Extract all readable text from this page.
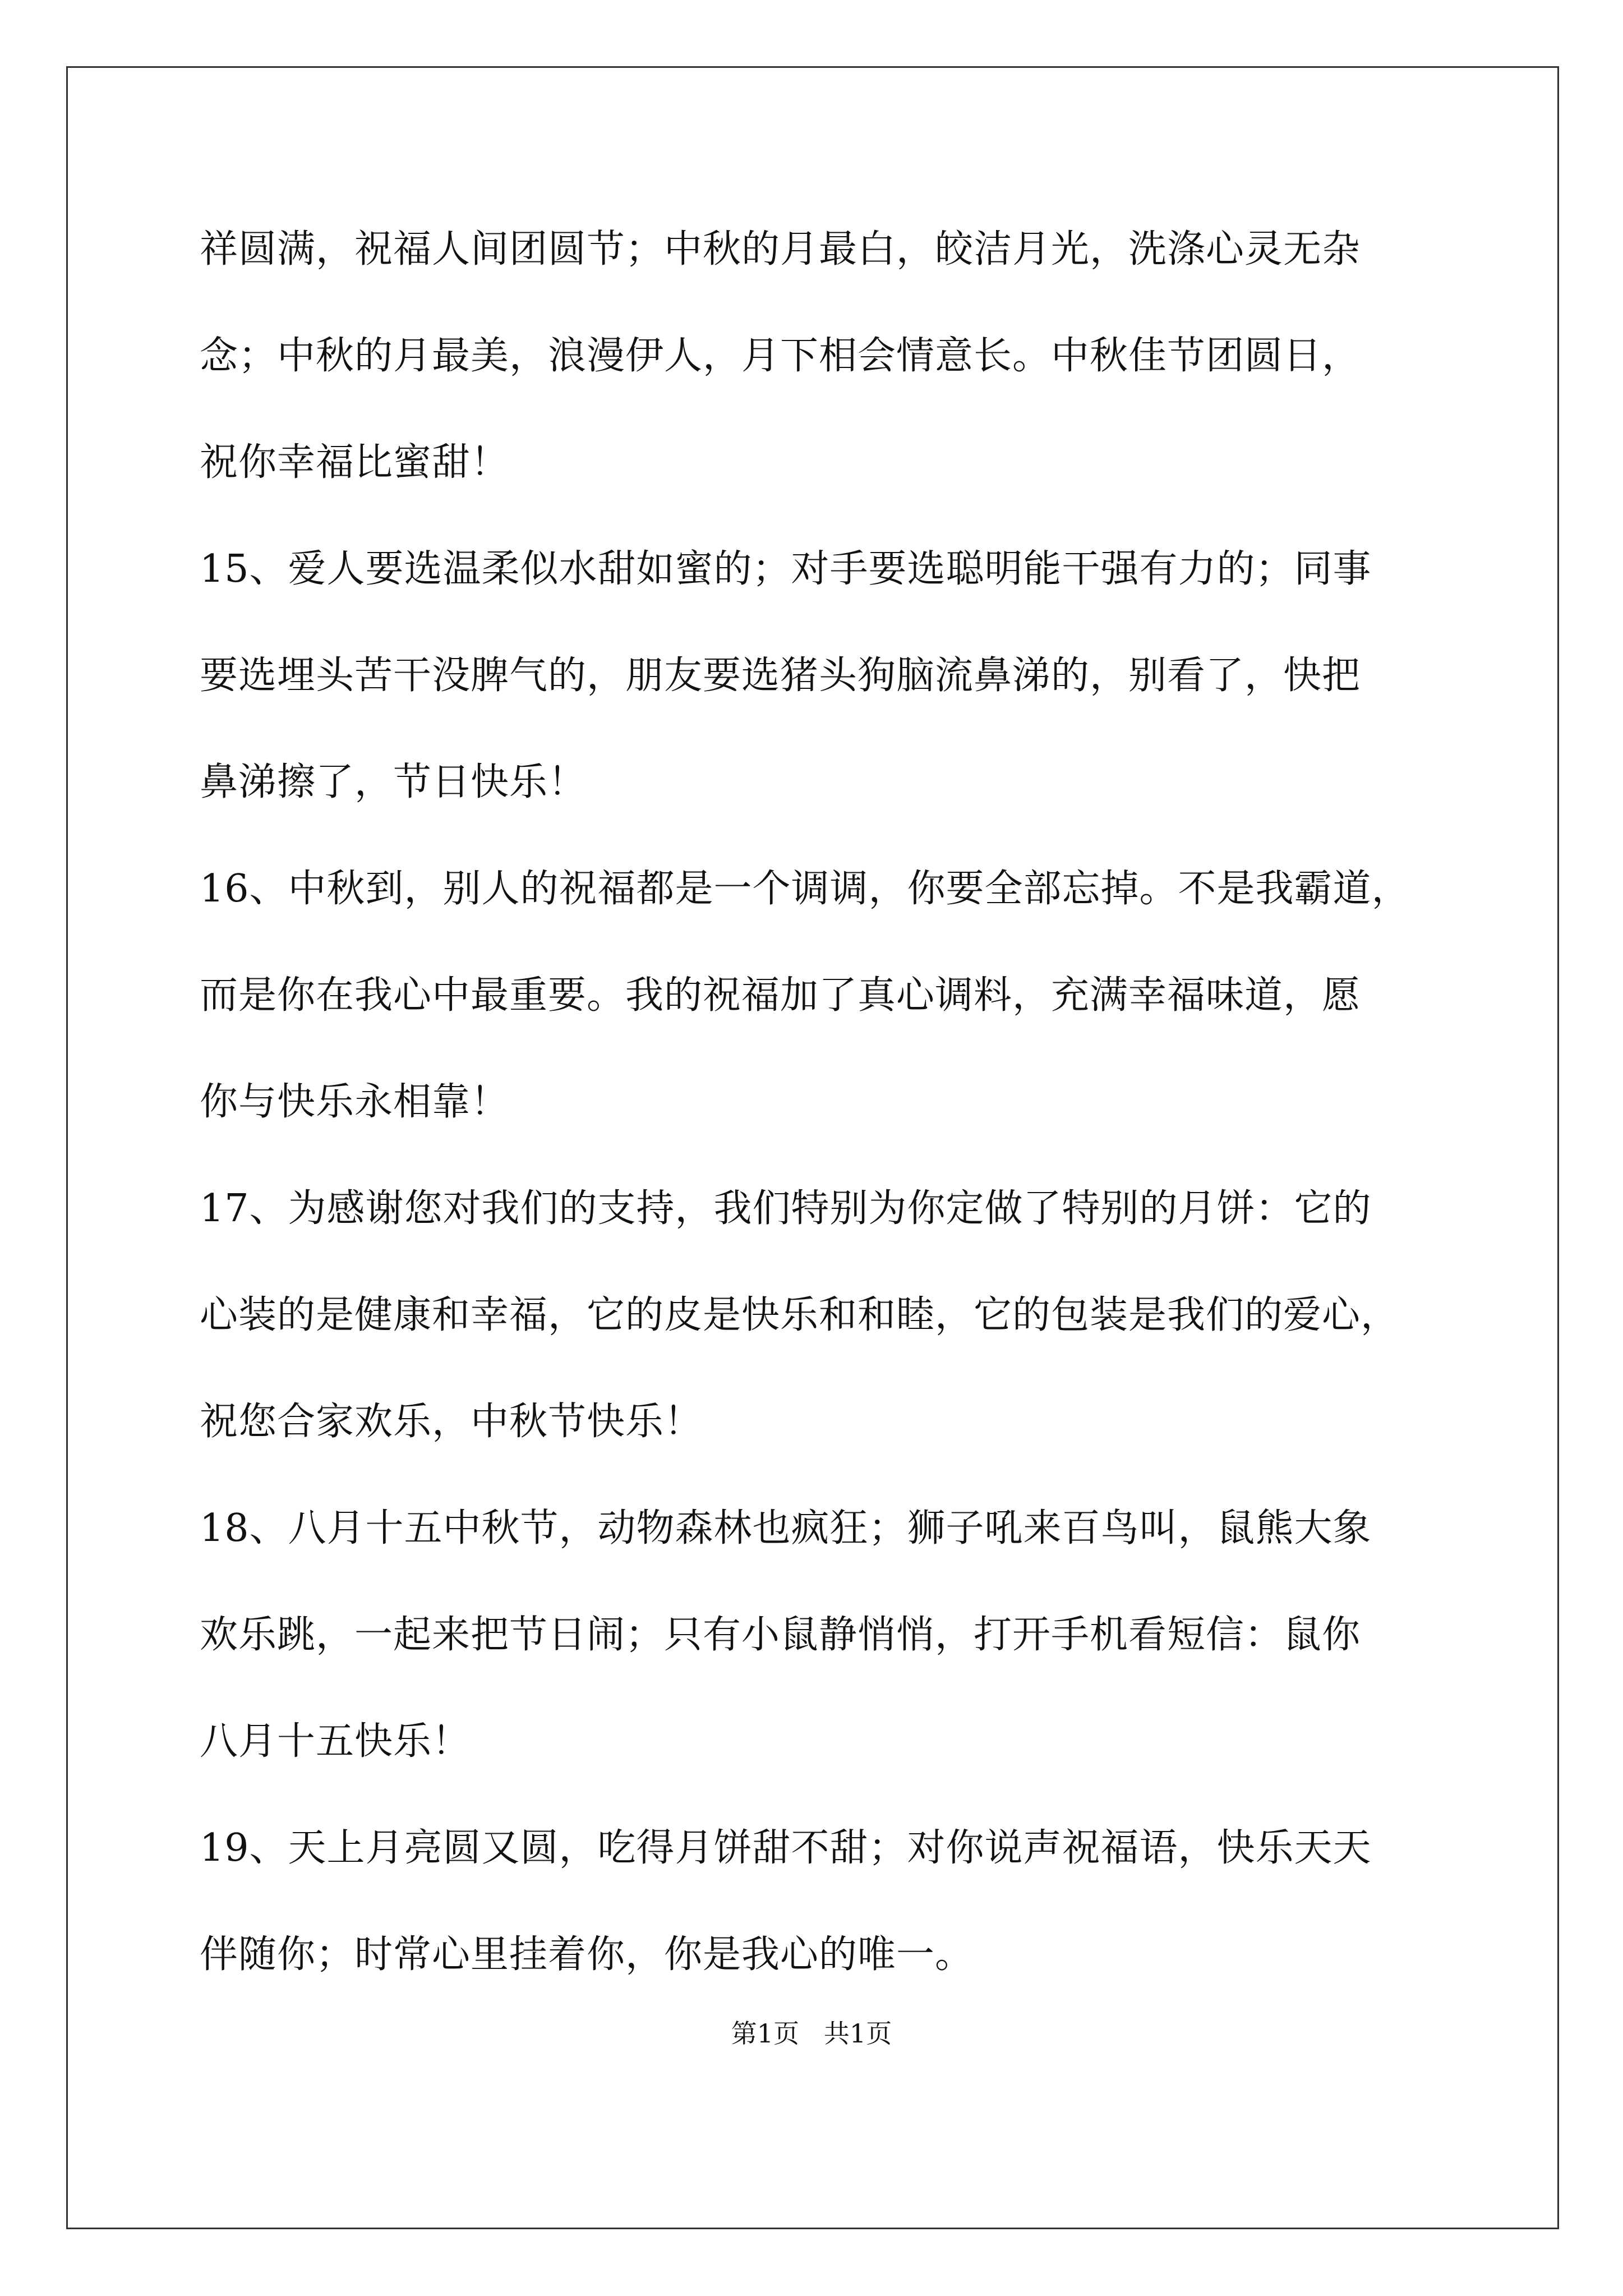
祥圆满，祝福人间团圆节；中秋的月最白，皎洁月光，洗涤心灵无杂
念；中秋的月最美，浪漫伊人，月下相会情意长。中秋佳节团圆日，
祝你幸福比蜜甜！
15、爱人要选温柔似水甜如蜜的；对手要选聪明能干强有力的；同事
要选埋头苦干没脾气的，朋友要选猪头狗脑流鼻涕的，别看了，快把
鼻涕擦了，节日快乐！
16、中秋到，别人的祝福都是一个调调，你要全部忘掉。不是我霸道，
而是你在我心中最重要。我的祝福加了真心调料，充满幸福味道，愿
你与快乐永相靠！
17、为感谢您对我们的支持，我们特别为你定做了特别的月饼：它的
心装的是健康和幸福，它的皮是快乐和和睦，它的包装是我们的爱心，
祝您合家欢乐，中秋节快乐！
18、八月十五中秋节，动物森林也疯狂；狮子吼来百鸟叫，鼠熊大象
欢乐跳，一起来把节日闹；只有小鼠静悄悄，打开手机看短信：鼠你
八月十五快乐！
19、天上月亮圆又圆，吃得月饼甜不甜；对你说声祝福语，快乐天天
伴随你；时常心里挂着你，你是我心的唯一。
第1页   共1页
